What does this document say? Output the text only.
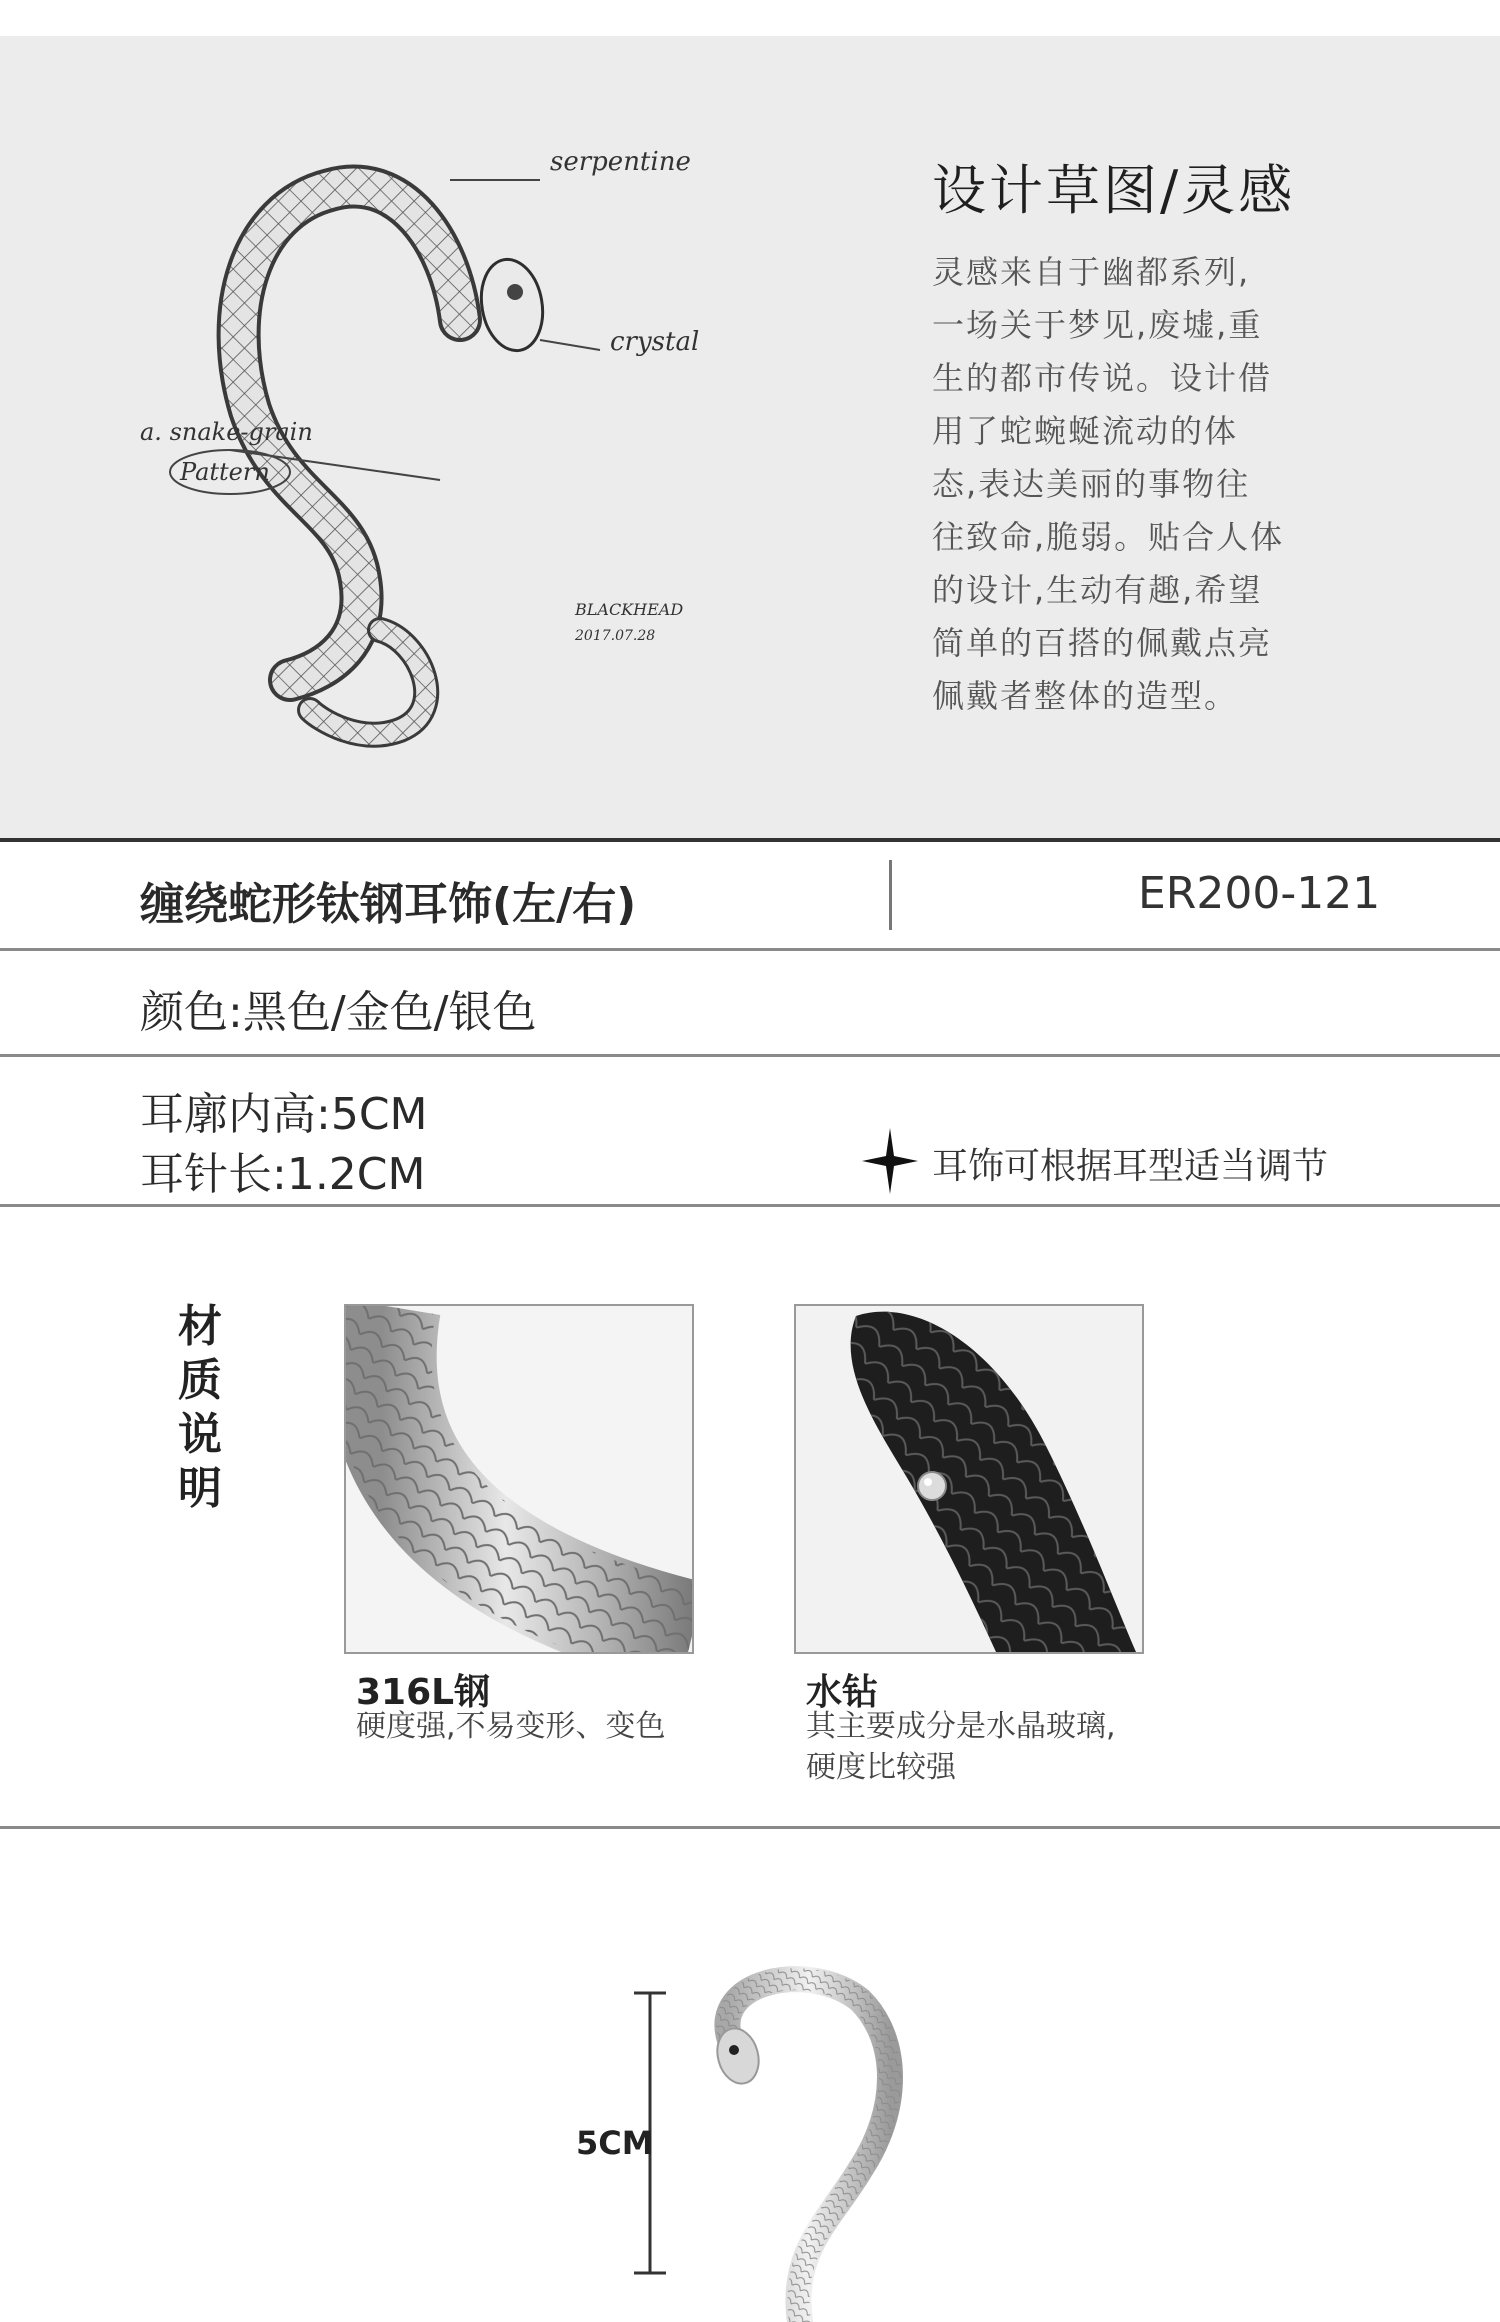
serpentine
crystal
a. snake-grain
Pattern
BLACKHEAD
2017.07.28
设计草图/灵感
灵感来自于幽都系列,
一场关于梦见,废墟,重
生的都市传说。设计借
用了蛇蜿蜒流动的体
态,表达美丽的事物往
往致命,脆弱。贴合人体
的设计,生动有趣,希望
简单的百搭的佩戴点亮
佩戴者整体的造型。
缠绕蛇形钛钢耳饰(左/右)	ER200-121
颜色:黑色/金色/银色
耳廓内高:5CM
耳针长:1.2CM	耳饰可根据耳型适当调节
材
质
说
明
316L钢
硬度强,不易变形、变色
水钻
其主要成分是水晶玻璃,
硬度比较强
5CM
